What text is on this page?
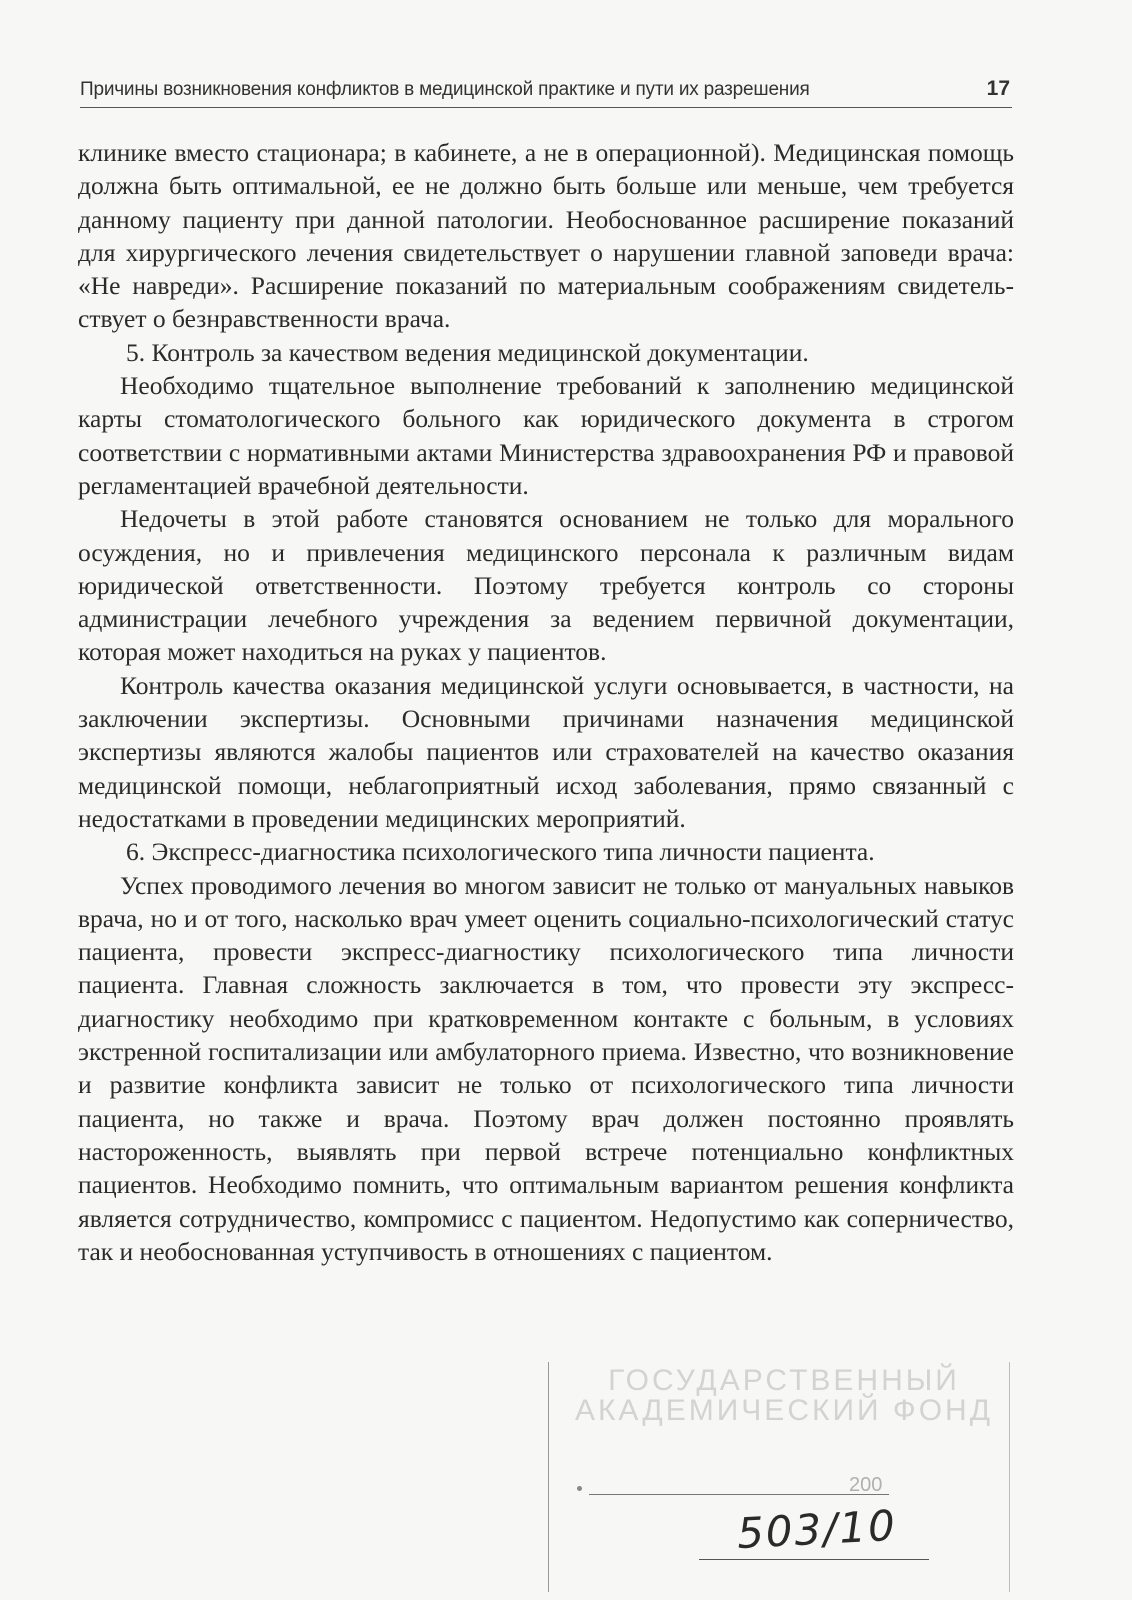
Причины возникновения конфликтов в медицинской практике и пути их разрешения	17

клинике вместо стационара; в кабинете, а не в операционной). Медицинская помощь должна быть оптимальной, ее не должно быть больше или меньше, чем требуется данному пациенту при данной патологии. Необоснованное расширение показаний для хирургического лечения свидетельствует о нарушении главной заповеди врача: «Не навреди». Расширение показаний по материальным соображениям свидетельствует о безнравственности врача.

5. Контроль за качеством ведения медицинской документации.

Необходимо тщательное выполнение требований к заполнению медицинской карты стоматологического больного как юридического документа в строгом соответствии с нормативными актами Министерства здравоохранения РФ и правовой регламентацией врачебной деятельности.

Недочеты в этой работе становятся основанием не только для морального осуждения, но и привлечения медицинского персонала к различным видам юридической ответственности. Поэтому требуется контроль со стороны администрации лечебного учреждения за ведением первичной документации, которая может находиться на руках у пациентов.

Контроль качества оказания медицинской услуги основывается, в частности, на заключении экспертизы. Основными причинами назначения медицинской экспертизы являются жалобы пациентов или страхователей на качество оказания медицинской помощи, неблагоприятный исход заболевания, прямо связанный с недостатками в проведении медицинских мероприятий.

6. Экспресс-диагностика психологического типа личности пациента.

Успех проводимого лечения во многом зависит не только от мануальных навыков врача, но и от того, насколько врач умеет оценить социально-психологический статус пациента, провести экспресс-диагностику психологического типа личности пациента. Главная сложность заключается в том, что провести эту экспресс-диагностику необходимо при кратковременном контакте с больным, в условиях экстренной госпитализации или амбулаторного приема. Известно, что возникновение и развитие конфликта зависит не только от психологического типа личности пациента, но также и врача. Поэтому врач должен постоянно проявлять настороженность, выявлять при первой встрече потенциально конфликтных пациентов. Необходимо помнить, что оптимальным вариантом решения конфликта является сотрудничество, компромисс с пациентом. Недопустимо как соперничество, так и необоснованная уступчивость в отношениях с пациентом.

ГОСУДАРСТВЕННЫЙ АКАДЕМИЧЕСКИЙ ФОНД
200
503/10
